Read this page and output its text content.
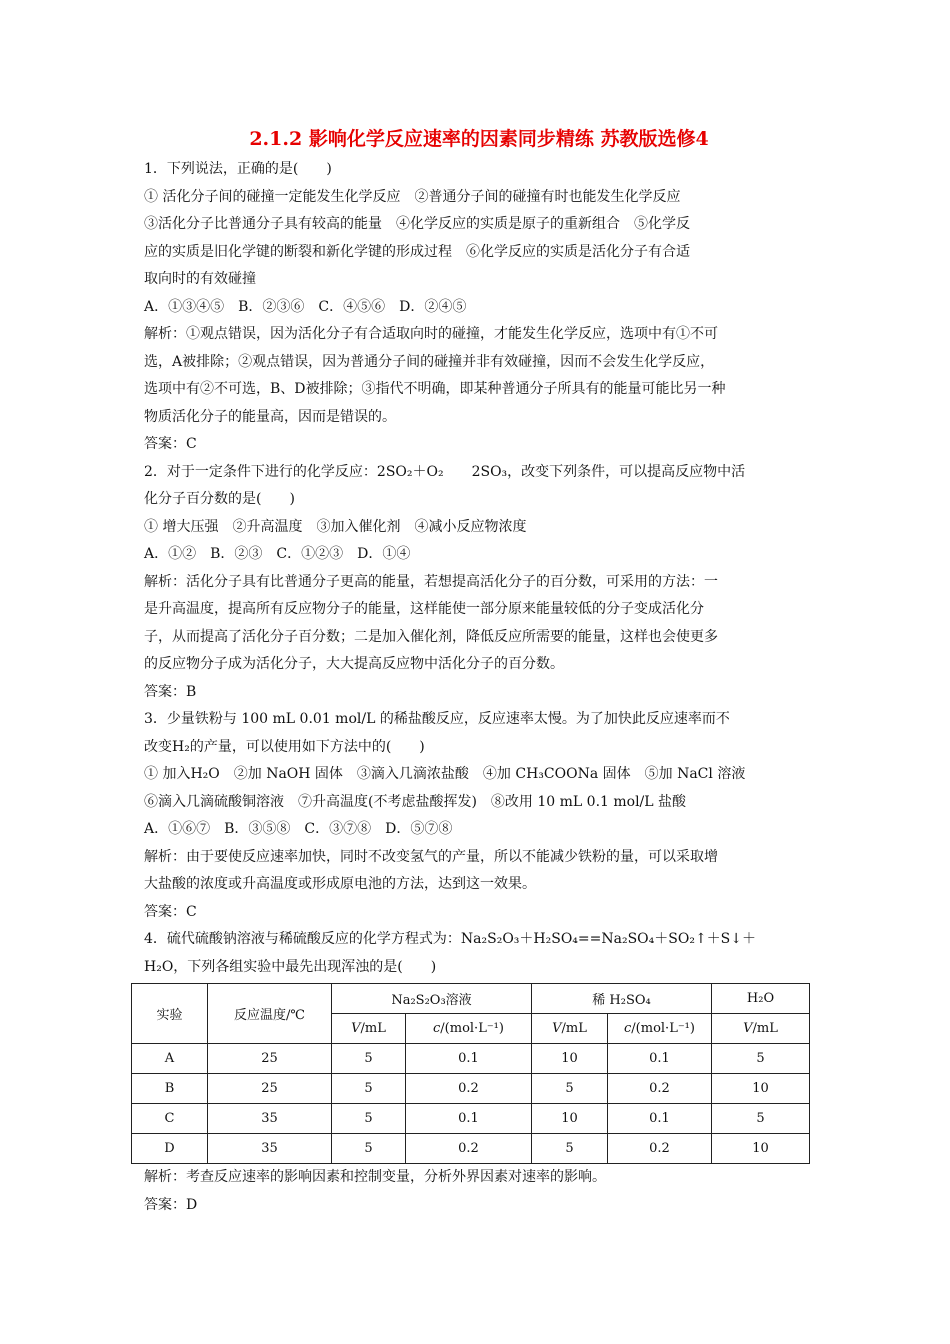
2.1.2 影响化学反应速率的因素同步精练 苏教版选修4
1．下列说法，正确的是(　　)
① 活化分子间的碰撞一定能发生化学反应　②普通分子间的碰撞有时也能发生化学反应
③活化分子比普通分子具有较高的能量　④化学反应的实质是原子的重新组合　⑤化学反
应的实质是旧化学键的断裂和新化学键的形成过程　⑥化学反应的实质是活化分子有合适
取向时的有效碰撞
A．①③④⑤　B．②③⑥　C．④⑤⑥　D．②④⑤
解析：①观点错误，因为活化分子有合适取向时的碰撞，才能发生化学反应，选项中有①不可
选，A被排除；②观点错误，因为普通分子间的碰撞并非有效碰撞，因而不会发生化学反应，
选项中有②不可选，B、D被排除；③指代不明确，即某种普通分子所具有的能量可能比另一种
物质活化分子的能量高，因而是错误的。
答案：C
2．对于一定条件下进行的化学反应：2SO₂＋O₂　　2SO₃，改变下列条件，可以提高反应物中活
化分子百分数的是(　　)
① 增大压强　②升高温度　③加入催化剂　④减小反应物浓度
A．①②　B．②③　C．①②③　D．①④
解析：活化分子具有比普通分子更高的能量，若想提高活化分子的百分数，可采用的方法：一
是升高温度，提高所有反应物分子的能量，这样能使一部分原来能量较低的分子变成活化分
子，从而提高了活化分子百分数；二是加入催化剂，降低反应所需要的能量，这样也会使更多
的反应物分子成为活化分子，大大提高反应物中活化分子的百分数。
答案：B
3．少量铁粉与 100 mL 0.01 mol/L 的稀盐酸反应，反应速率太慢。为了加快此反应速率而不
改变H₂的产量，可以使用如下方法中的(　　)
① 加入H₂O　②加 NaOH 固体　③滴入几滴浓盐酸　④加 CH₃COONa 固体　⑤加 NaCl 溶液
⑥滴入几滴硫酸铜溶液　⑦升高温度(不考虑盐酸挥发)　⑧改用 10 mL 0.1 mol/L 盐酸
A．①⑥⑦　B．③⑤⑧　C．③⑦⑧　D．⑤⑦⑧
解析：由于要使反应速率加快，同时不改变氢气的产量，所以不能减少铁粉的量，可以采取增
大盐酸的浓度或升高温度或形成原电池的方法，达到这一效果。
答案：C
4．硫代硫酸钠溶液与稀硫酸反应的化学方程式为：Na₂S₂O₃＋H₂SO₄==Na₂SO₄＋SO₂↑＋S↓＋
H₂O，下列各组实验中最先出现浑浊的是(　　)
实验	反应温度/℃	Na₂S₂O₃溶液		稀 H₂SO₄		H₂O
		V/mL	c/(mol·L⁻¹)	V/mL	c/(mol·L⁻¹)	V/mL
A	25	5	0.1	10	0.1	5
B	25	5	0.2	5	0.2	10
C	35	5	0.1	10	0.1	5
D	35	5	0.2	5	0.2	10
解析：考查反应速率的影响因素和控制变量，分析外界因素对速率的影响。
答案：D
